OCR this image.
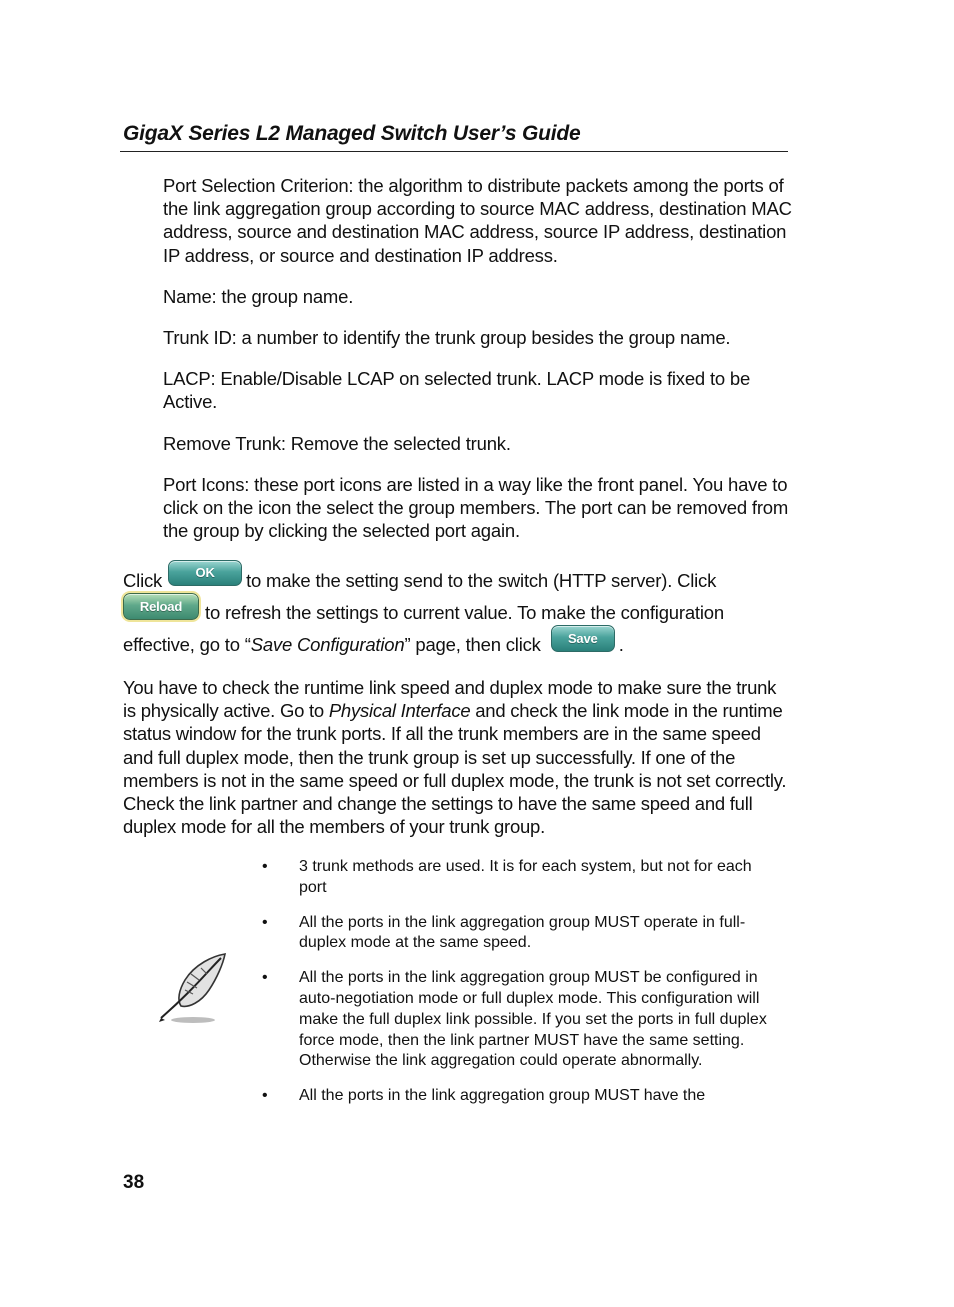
GigaX Series L2 Managed Switch User’s Guide

Port Selection Criterion: the algorithm to distribute packets among the ports of the link aggregation group according to source MAC address, destination MAC address, source and destination MAC address, source IP address, destination IP address, or source and destination IP address.

Name: the group name.

Trunk ID: a number to identify the trunk group besides the group name.

LACP: Enable/Disable LCAP on selected trunk. LACP mode is fixed to be Active.

Remove Trunk: Remove the selected trunk.

Port Icons: these port icons are listed in a way like the front panel. You have to click on the icon the select the group members. The port can be removed from the group by clicking the selected port again.

Click	OK	to make the setting send to the switch (HTTP server). Click
Reload	to refresh the settings to current value. To make the configuration
effective, go to “ Save Configuration ” page, then click	Save	.

You have to check the runtime link speed and duplex mode to make sure the trunk is physically active. Go to Physical Interface and check the link mode in the runtime status window for the trunk ports. If all the trunk members are in the same speed and full duplex mode, then the trunk group is set up successfully. If one of the members is not in the same speed or full duplex mode, the trunk is not set correctly. Check the link partner and change the settings to have the same speed and full duplex mode for all the members of your trunk group.

• 3 trunk methods are used. It is for each system, but not for each port
• All the ports in the link aggregation group MUST operate in full-duplex mode at the same speed.
• All the ports in the link aggregation group MUST be configured in auto-negotiation mode or full duplex mode. This configuration will make the full duplex link possible. If you set the ports in full duplex force mode, then the link partner MUST have the same setting. Otherwise the link aggregation could operate abnormally.
• All the ports in the link aggregation group MUST have the
38
